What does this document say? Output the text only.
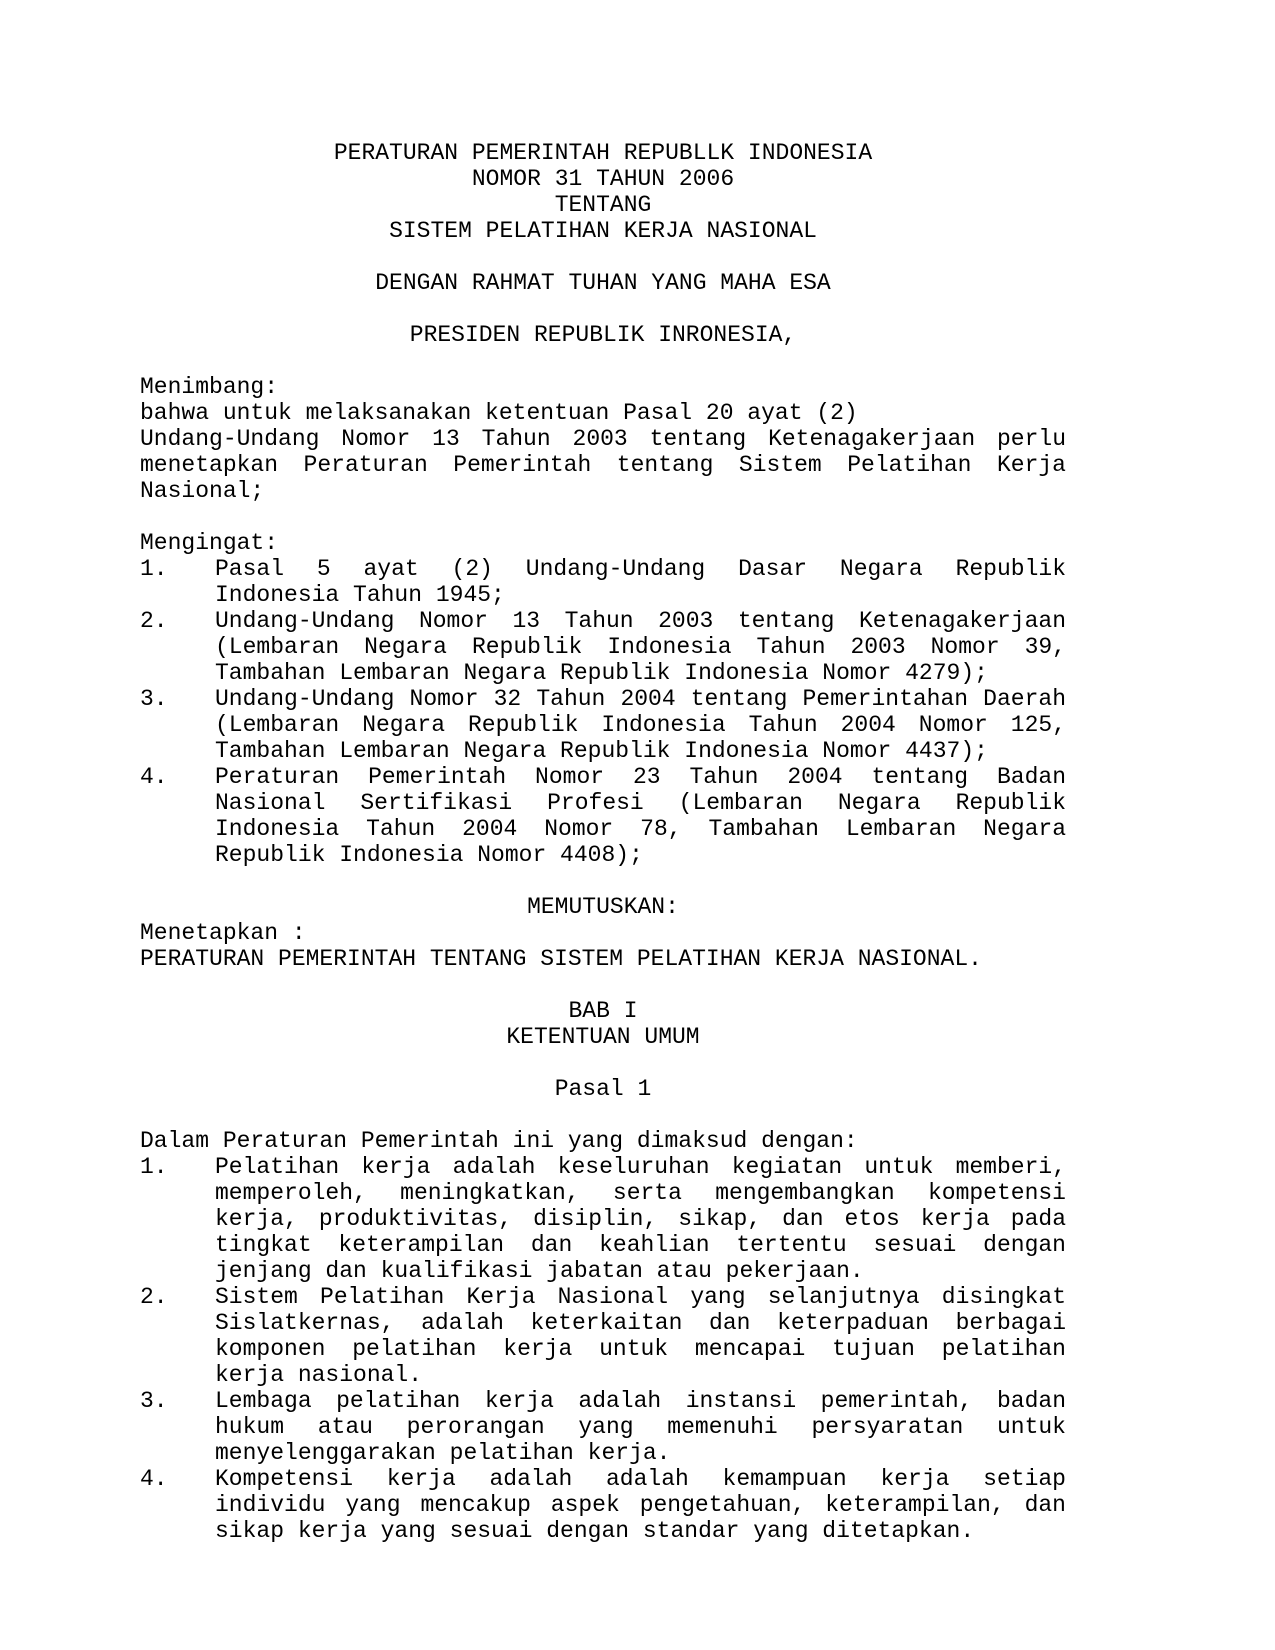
PERATURAN PEMERINTAH REPUBLLK INDONESIA
NOMOR 31 TAHUN 2006
TENTANG
SISTEM PELATIHAN KERJA NASIONAL
DENGAN RAHMAT TUHAN YANG MAHA ESA
PRESIDEN REPUBLIK INRONESIA,
Menimbang:
bahwa untuk melaksanakan ketentuan Pasal 20 ayat (2)

Undang-Undang Nomor 13 Tahun 2003 tentang Ketenagakerjaan perlu menetapkan Peraturan Pemerintah tentang Sistem Pelatihan Kerja Nasional;

Mengingat:
1.	Pasal 5 ayat (2) Undang-Undang Dasar Negara Republik Indonesia Tahun 1945;
2.	Undang-Undang Nomor 13 Tahun 2003 tentang Ketenagakerjaan (Lembaran Negara Republik Indonesia Tahun 2003 Nomor 39, Tambahan Lembaran Negara Republik Indonesia Nomor 4279);
3.	Undang-Undang Nomor 32 Tahun 2004 tentang Pemerintahan Daerah (Lembaran Negara Republik Indonesia Tahun 2004 Nomor 125, Tambahan Lembaran Negara Republik Indonesia Nomor 4437);
4.	Peraturan Pemerintah Nomor 23 Tahun 2004 tentang Badan Nasional Sertifikasi Profesi (Lembaran Negara Republik Indonesia Tahun 2004 Nomor 78, Tambahan Lembaran Negara Republik Indonesia Nomor 4408);
MEMUTUSKAN:
Menetapkan :
PERATURAN PEMERINTAH TENTANG SISTEM PELATIHAN KERJA NASIONAL.
BAB I
KETENTUAN UMUM
Pasal 1
Dalam Peraturan Pemerintah ini yang dimaksud dengan:
1.	Pelatihan kerja adalah keseluruhan kegiatan untuk memberi, memperoleh, meningkatkan, serta mengembangkan kompetensi kerja, produktivitas, disiplin, sikap, dan etos kerja pada tingkat keterampilan dan keahlian tertentu sesuai dengan jenjang dan kualifikasi jabatan atau pekerjaan.
2.	Sistem Pelatihan Kerja Nasional yang selanjutnya disingkat Sislatkernas, adalah keterkaitan dan keterpaduan berbagai komponen pelatihan kerja untuk mencapai tujuan pelatihan kerja nasional.
3.	Lembaga pelatihan kerja adalah instansi pemerintah, badan hukum atau perorangan yang memenuhi persyaratan untuk menyelenggarakan pelatihan kerja.
4.	Kompetensi kerja adalah adalah kemampuan kerja setiap individu yang mencakup aspek pengetahuan, keterampilan, dan sikap kerja yang sesuai dengan standar yang ditetapkan.
